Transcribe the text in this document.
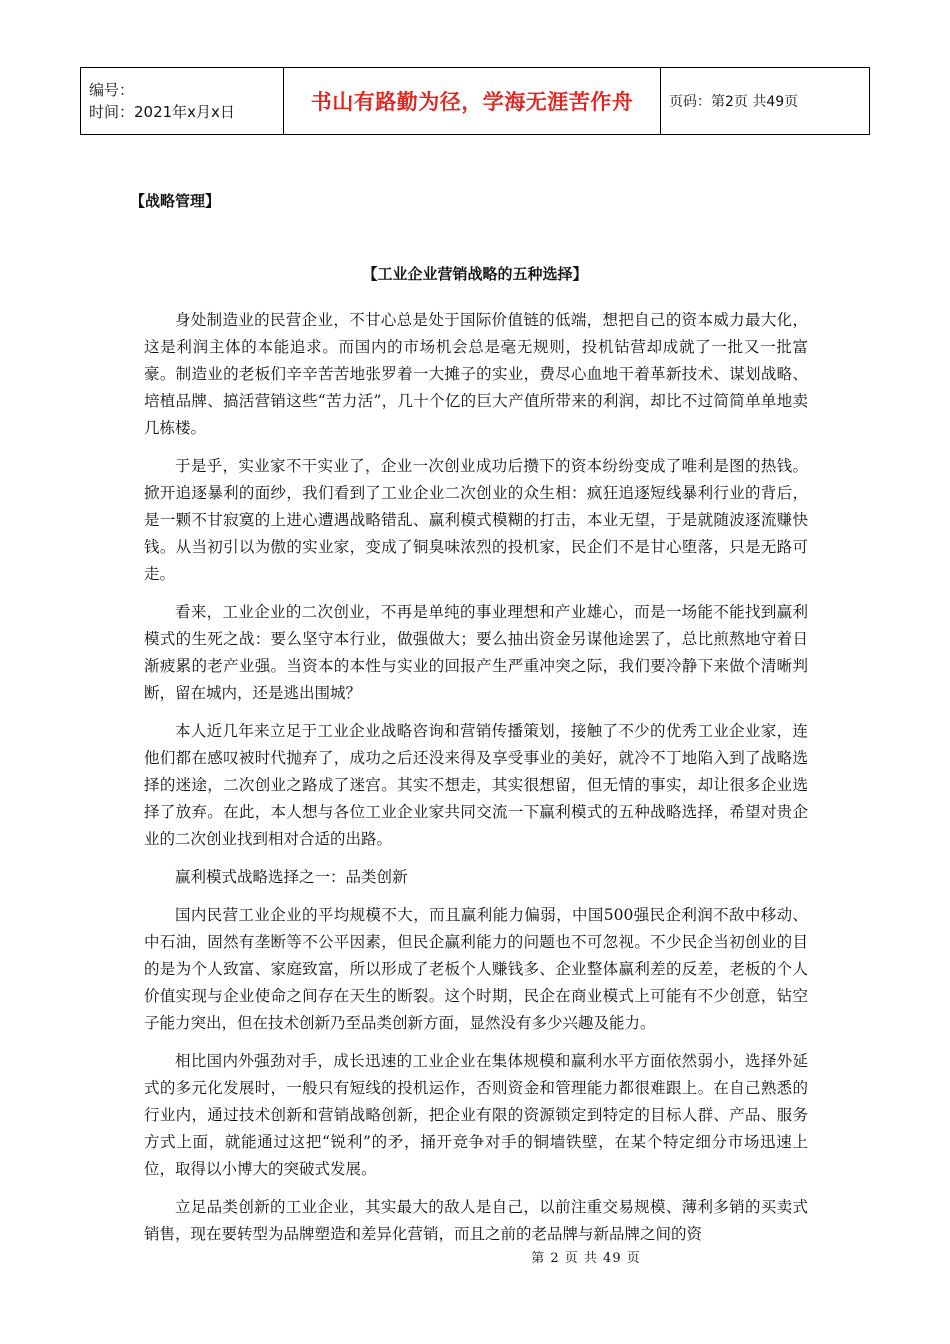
编号：
时间：2021年x月x日	书山有路勤为径，学海无涯苦作舟	页码：第2页 共49页
【战略管理】
【工业企业营销战略的五种选择】

身处制造业的民营企业，不甘心总是处于国际价值链的低端，想把自己的资本威力最大化，这是利润主体的本能追求。而国内的市场机会总是毫无规则，投机钻营却成就了一批又一批富豪。制造业的老板们辛辛苦苦地张罗着一大摊子的实业，费尽心血地干着革新技术、谋划战略、培植品牌、搞活营销这些“苦力活”，几十个亿的巨大产值所带来的利润，却比不过简简单单地卖几栋楼。

于是乎，实业家不干实业了，企业一次创业成功后攒下的资本纷纷变成了唯利是图的热钱。掀开追逐暴利的面纱，我们看到了工业企业二次创业的众生相：疯狂追逐短线暴利行业的背后，是一颗不甘寂寞的上进心遭遇战略错乱、赢利模式模糊的打击，本业无望，于是就随波逐流赚快钱。从当初引以为傲的实业家，变成了铜臭味浓烈的投机家，民企们不是甘心堕落，只是无路可走。

看来，工业企业的二次创业，不再是单纯的事业理想和产业雄心，而是一场能不能找到赢利模式的生死之战：要么坚守本行业，做强做大；要么抽出资金另谋他途罢了，总比煎熬地守着日渐疲累的老产业强。当资本的本性与实业的回报产生严重冲突之际，我们要冷静下来做个清晰判断，留在城内，还是逃出围城？

本人近几年来立足于工业企业战略咨询和营销传播策划，接触了不少的优秀工业企业家，连他们都在感叹被时代抛弃了，成功之后还没来得及享受事业的美好，就冷不丁地陷入到了战略选择的迷途，二次创业之路成了迷宫。其实不想走，其实很想留，但无情的事实，却让很多企业选择了放弃。在此，本人想与各位工业企业家共同交流一下赢利模式的五种战略选择，希望对贵企业的二次创业找到相对合适的出路。

赢利模式战略选择之一：品类创新

国内民营工业企业的平均规模不大，而且赢利能力偏弱，中国500强民企利润不敌中移动、中石油，固然有垄断等不公平因素，但民企赢利能力的问题也不可忽视。不少民企当初创业的目的是为个人致富、家庭致富，所以形成了老板个人赚钱多、企业整体赢利差的反差，老板的个人价值实现与企业使命之间存在天生的断裂。这个时期，民企在商业模式上可能有不少创意，钻空子能力突出，但在技术创新乃至品类创新方面，显然没有多少兴趣及能力。

相比国内外强劲对手，成长迅速的工业企业在集体规模和赢利水平方面依然弱小，选择外延式的多元化发展时，一般只有短线的投机运作，否则资金和管理能力都很难跟上。在自己熟悉的行业内，通过技术创新和营销战略创新，把企业有限的资源锁定到特定的目标人群、产品、服务方式上面，就能通过这把“锐利”的矛，捅开竞争对手的铜墙铁壁，在某个特定细分市场迅速上位，取得以小博大的突破式发展。

立足品类创新的工业企业，其实最大的敌人是自己，以前注重交易规模、薄利多销的买卖式销售，现在要转型为品牌塑造和差异化营销，而且之前的老品牌与新品牌之间的资

第 2 页 共 49 页
